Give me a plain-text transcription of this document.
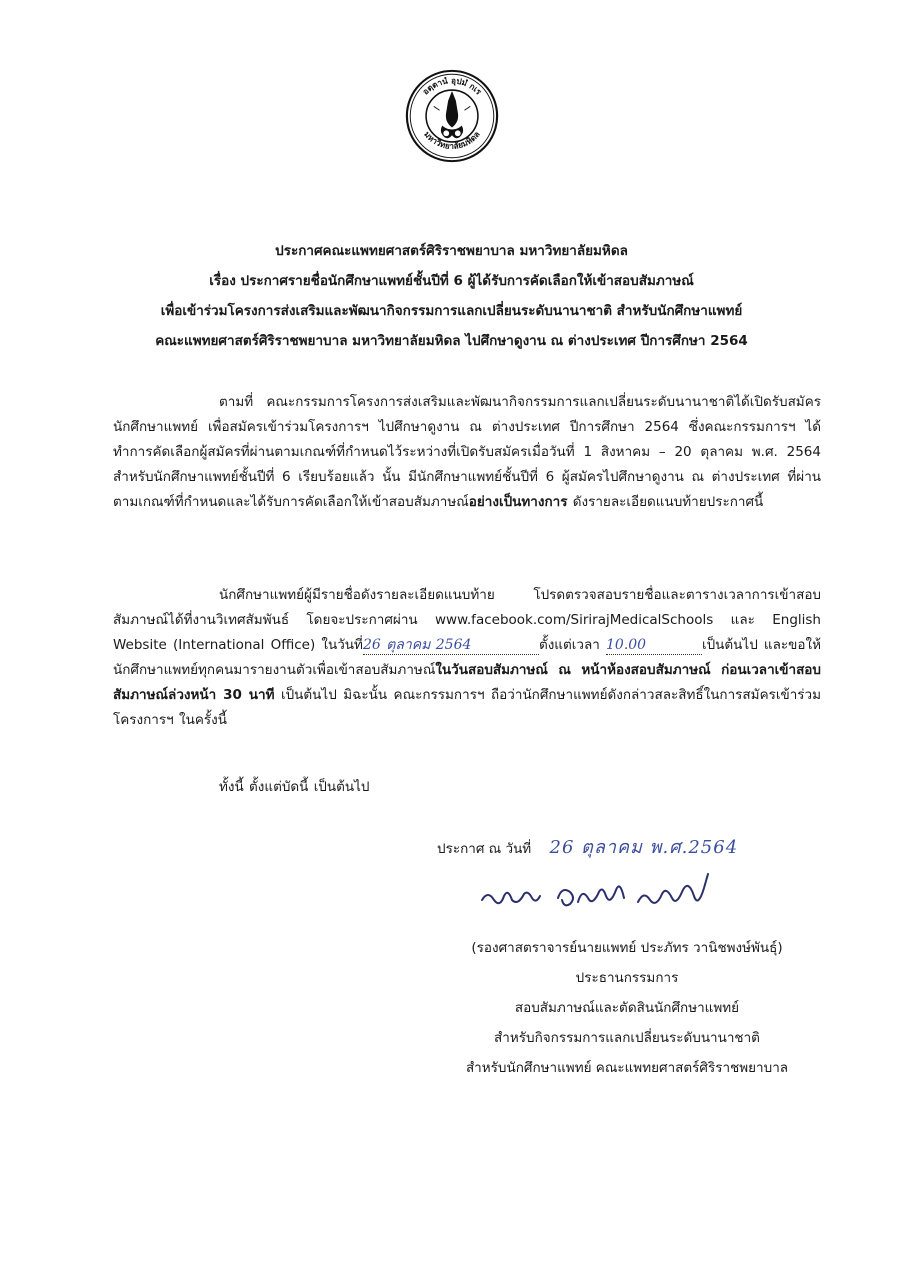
อตฺตานํ อุปมํ กเร
มหาวิทยาลัยมหิดล
ประกาศคณะแพทยศาสตร์ศิริราชพยาบาล มหาวิทยาลัยมหิดล
เรื่อง ประกาศรายชื่อนักศึกษาแพทย์ชั้นปีที่ 6 ผู้ได้รับการคัดเลือกให้เข้าสอบสัมภาษณ์
เพื่อเข้าร่วมโครงการส่งเสริมและพัฒนากิจกรรมการแลกเปลี่ยนระดับนานาชาติ สำหรับนักศึกษาแพทย์
คณะแพทยศาสตร์ศิริราชพยาบาล มหาวิทยาลัยมหิดล ไปศึกษาดูงาน ณ ต่างประเทศ ปีการศึกษา 2564
ตามที่ คณะกรรมการโครงการส่งเสริมและพัฒนากิจกรรมการแลกเปลี่ยนระดับนานาชาติได้เปิดรับสมัครนักศึกษาแพทย์ เพื่อสมัครเข้าร่วมโครงการฯ ไปศึกษาดูงาน ณ ต่างประเทศ ปีการศึกษา 2564 ซึ่งคณะกรรมการฯ ได้ทำการคัดเลือกผู้สมัครที่ผ่านตามเกณฑ์ที่กำหนดไว้ระหว่างที่เปิดรับสมัครเมื่อวันที่ 1 สิงหาคม – 20 ตุลาคม พ.ศ. 2564 สำหรับนักศึกษาแพทย์ชั้นปีที่ 6 เรียบร้อยแล้ว นั้น มีนักศึกษาแพทย์ชั้นปีที่ 6 ผู้สมัครไปศึกษาดูงาน ณ ต่างประเทศ ที่ผ่านตามเกณฑ์ที่กำหนดและได้รับการคัดเลือกให้เข้าสอบสัมภาษณ์อย่างเป็นทางการ ดังรายละเอียดแนบท้ายประกาศนี้
นักศึกษาแพทย์ผู้มีรายชื่อดังรายละเอียดแนบท้าย โปรดตรวจสอบรายชื่อและตารางเวลาการเข้าสอบสัมภาษณ์ได้ที่งานวิเทศสัมพันธ์ โดยจะประกาศผ่าน www.facebook.com/SirirajMedicalSchools และ English Website (International Office) ในวันที่26 ตุลาคม 2564	ตั้งแต่เวลา 10.00	เป็นต้นไป และขอให้นักศึกษาแพทย์ทุกคนมารายงานตัวเพื่อเข้าสอบสัมภาษณ์ในวันสอบสัมภาษณ์ ณ หน้าห้องสอบสัมภาษณ์ ก่อนเวลาเข้าสอบสัมภาษณ์ล่วงหน้า 30 นาที เป็นต้นไป มิฉะนั้น คณะกรรมการฯ ถือว่านักศึกษาแพทย์ดังกล่าวสละสิทธิ์ในการสมัครเข้าร่วมโครงการฯ ในครั้งนี้
ทั้งนี้ ตั้งแต่บัดนี้ เป็นต้นไป
ประกาศ ณ วันที่ 26 ตุลาคม พ.ศ.2564
(รองศาสตราจารย์นายแพทย์ ประภัทร วานิชพงษ์พันธุ์)
ประธานกรรมการ
สอบสัมภาษณ์และตัดสินนักศึกษาแพทย์
สำหรับกิจกรรมการแลกเปลี่ยนระดับนานาชาติ
สำหรับนักศึกษาแพทย์ คณะแพทยศาสตร์ศิริราชพยาบาล
